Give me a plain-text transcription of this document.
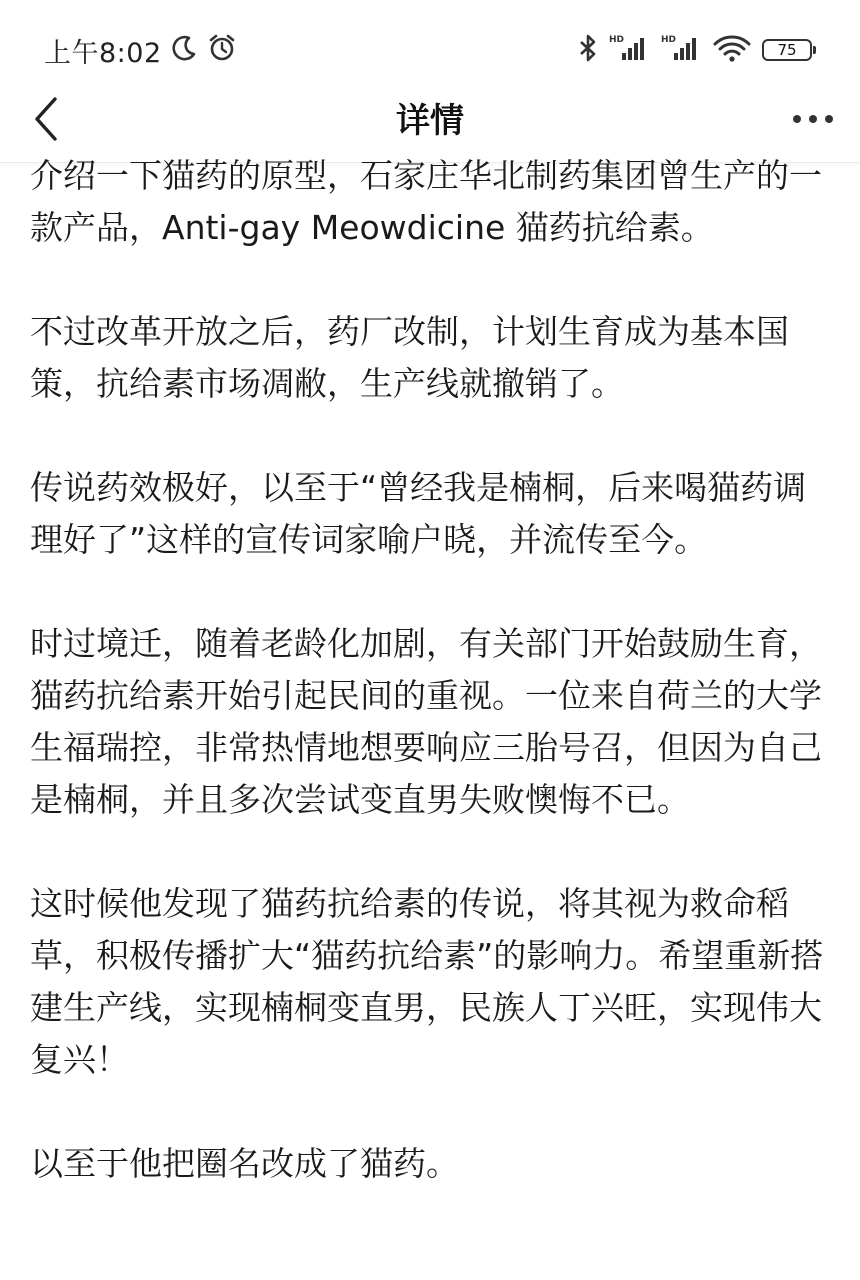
上午8:02	HD	HD
75
详情

介绍一下猫药的原型，石家庄华北制药集团曾生产的一款产品，Anti-gay Meowdicine 猫药抗给素。

不过改革开放之后，药厂改制，计划生育成为基本国策，抗给素市场凋敝，生产线就撤销了。

传说药效极好，以至于“曾经我是楠桐，后来喝猫药调理好了”这样的宣传词家喻户晓，并流传至今。

时过境迁，随着老龄化加剧，有关部门开始鼓励生育，猫药抗给素开始引起民间的重视。一位来自荷兰的大学生福瑞控，非常热情地想要响应三胎号召，但因为自己是楠桐，并且多次尝试变直男失败懊悔不已。

这时候他发现了猫药抗给素的传说，将其视为救命稻草，积极传播扩大“猫药抗给素”的影响力。希望重新搭建生产线，实现楠桐变直男，民族人丁兴旺，实现伟大复兴！

以至于他把圈名改成了猫药。
